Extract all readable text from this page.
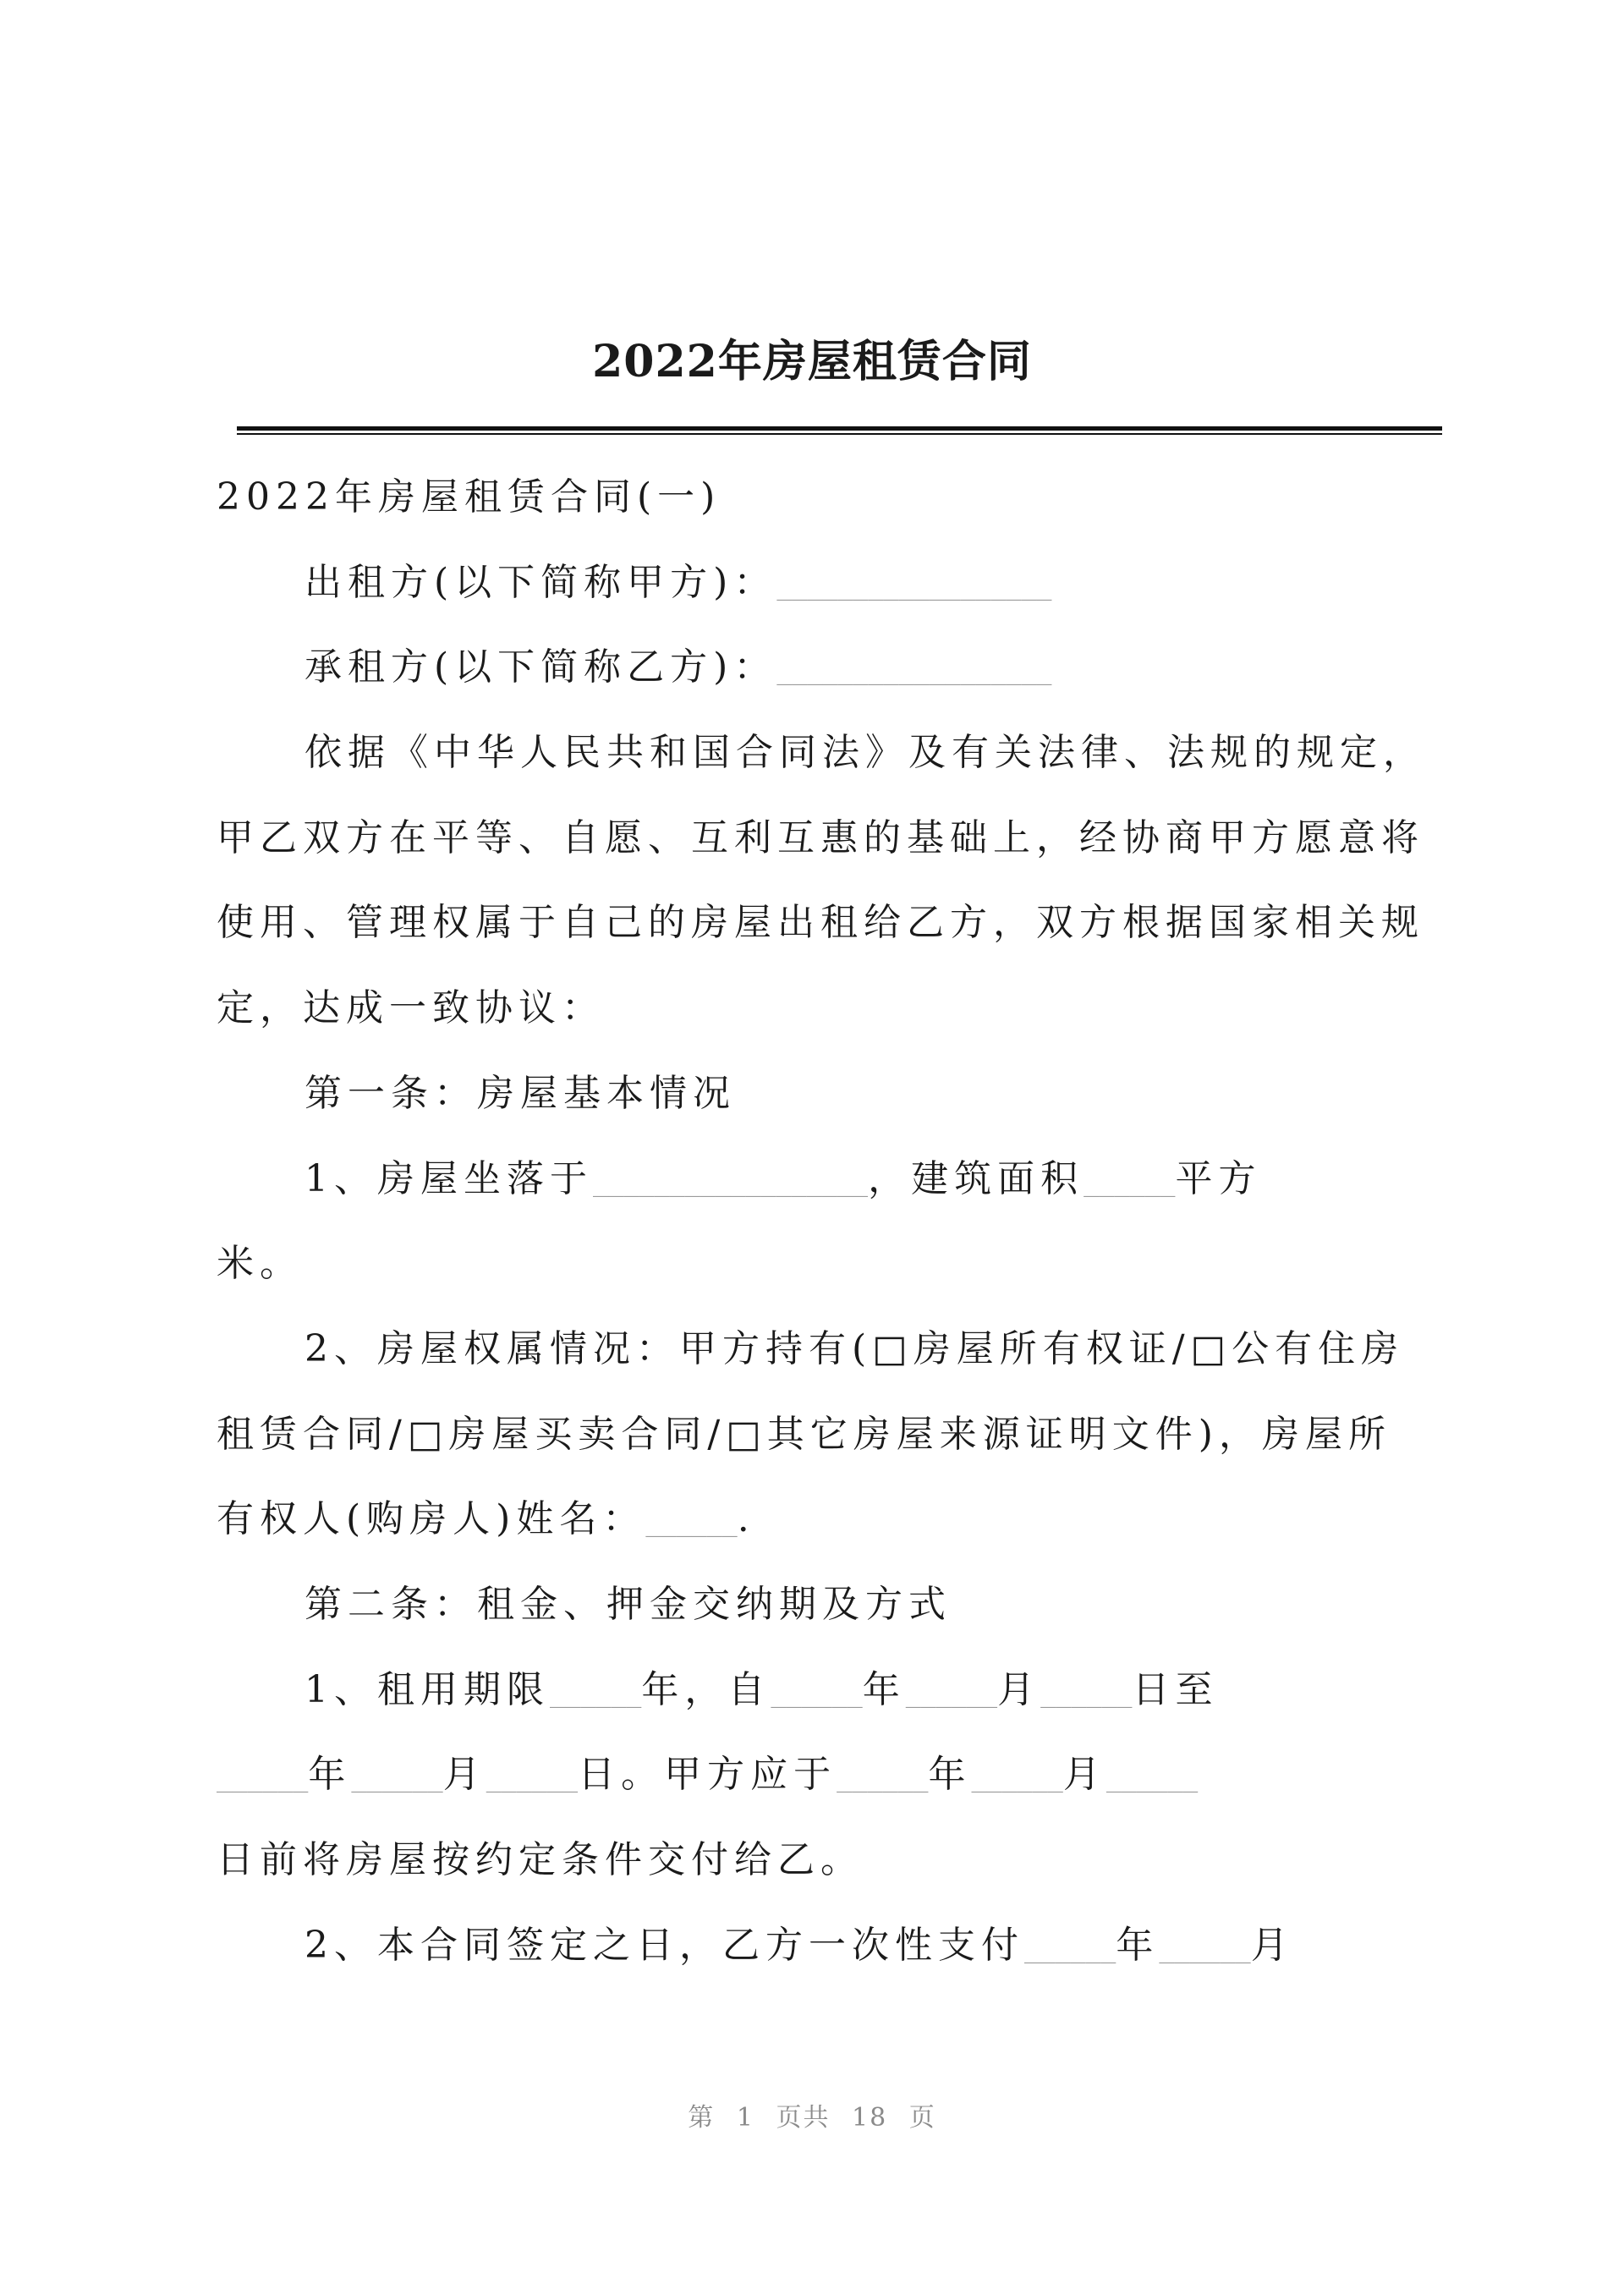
2022年房屋租赁合同
2022年房屋租赁合同(一)
出租方(以下简称甲方)：__________________
承租方(以下简称乙方)：__________________
依据《中华人民共和国合同法》及有关法律、法规的规定，
甲乙双方在平等、自愿、互利互惠的基础上，经协商甲方愿意将
使用、管理权属于自己的房屋出租给乙方，双方根据国家相关规
定，达成一致协议：
第一条：房屋基本情况
1、房屋坐落于__________________，建筑面积______平方
米。
2、房屋权属情况：甲方持有(□房屋所有权证/□公有住房
租赁合同/□房屋买卖合同/□其它房屋来源证明文件)，房屋所
有权人(购房人)姓名：______.
第二条：租金、押金交纳期及方式
1、租用期限______年，自______年______月______日至
______年______月______日。甲方应于______年______月______
日前将房屋按约定条件交付给乙。
2、本合同签定之日，乙方一次性支付______年______月
第 1 页共 18 页
